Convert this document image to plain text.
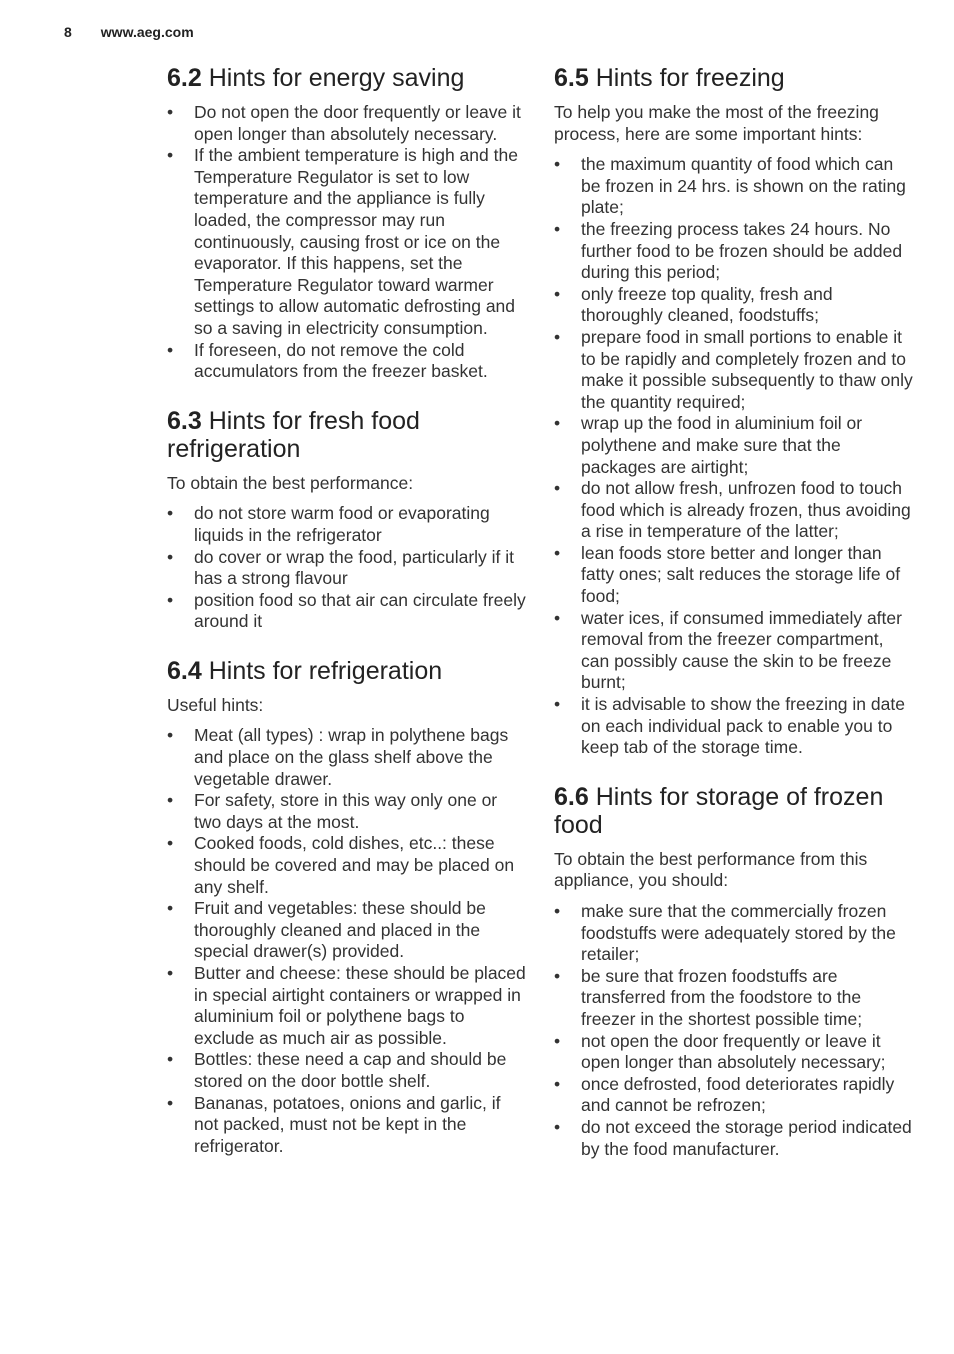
8 www.aeg.com
6.2 Hints for energy saving
•	Do not open the door frequently or leave it open longer than absolutely necessary.
•	If the ambient temperature is high and the Temperature Regulator is set to low temperature and the appliance is fully loaded, the compressor may run continuously, causing frost or ice on the evaporator. If this happens, set the Temperature Regulator toward warmer settings to allow automatic defrosting and so a saving in electricity consumption.
•	If foreseen, do not remove the cold accumulators from the freezer basket.
6.3 Hints for fresh food refrigeration

To obtain the best performance:

•	do not store warm food or evaporating liquids in the refrigerator
•	do cover or wrap the food, particularly if it has a strong flavour
•	position food so that air can circulate freely around it
6.4 Hints for refrigeration

Useful hints:

•	Meat (all types) : wrap in polythene bags and place on the glass shelf above the vegetable drawer.
•	For safety, store in this way only one or two days at the most.
•	Cooked foods, cold dishes, etc..: these should be covered and may be placed on any shelf.
•	Fruit and vegetables: these should be thoroughly cleaned and placed in the special drawer(s) provided.
•	Butter and cheese: these should be placed in special airtight containers or wrapped in aluminium foil or polythene bags to exclude as much air as possible.
•	Bottles: these need a cap and should be stored on the door bottle shelf.
•	Bananas, potatoes, onions and garlic, if not packed, must not be kept in the refrigerator.
6.5 Hints for freezing

To help you make the most of the freezing process, here are some important hints:

•	the maximum quantity of food which can be frozen in 24 hrs. is shown on the rating plate;
•	the freezing process takes 24 hours. No further food to be frozen should be added during this period;
•	only freeze top quality, fresh and thoroughly cleaned, foodstuffs;
•	prepare food in small portions to enable it to be rapidly and completely frozen and to make it possible subsequently to thaw only the quantity required;
•	wrap up the food in aluminium foil or polythene and make sure that the packages are airtight;
•	do not allow fresh, unfrozen food to touch food which is already frozen, thus avoiding a rise in temperature of the latter;
•	lean foods store better and longer than fatty ones; salt reduces the storage life of food;
•	water ices, if consumed immediately after removal from the freezer compartment, can possibly cause the skin to be freeze burnt;
•	it is advisable to show the freezing in date on each individual pack to enable you to keep tab of the storage time.
6.6 Hints for storage of frozen food

To obtain the best performance from this appliance, you should:

•	make sure that the commercially frozen foodstuffs were adequately stored by the retailer;
•	be sure that frozen foodstuffs are transferred from the foodstore to the freezer in the shortest possible time;
•	not open the door frequently or leave it open longer than absolutely necessary;
•	once defrosted, food deteriorates rapidly and cannot be refrozen;
•	do not exceed the storage period indicated by the food manufacturer.
